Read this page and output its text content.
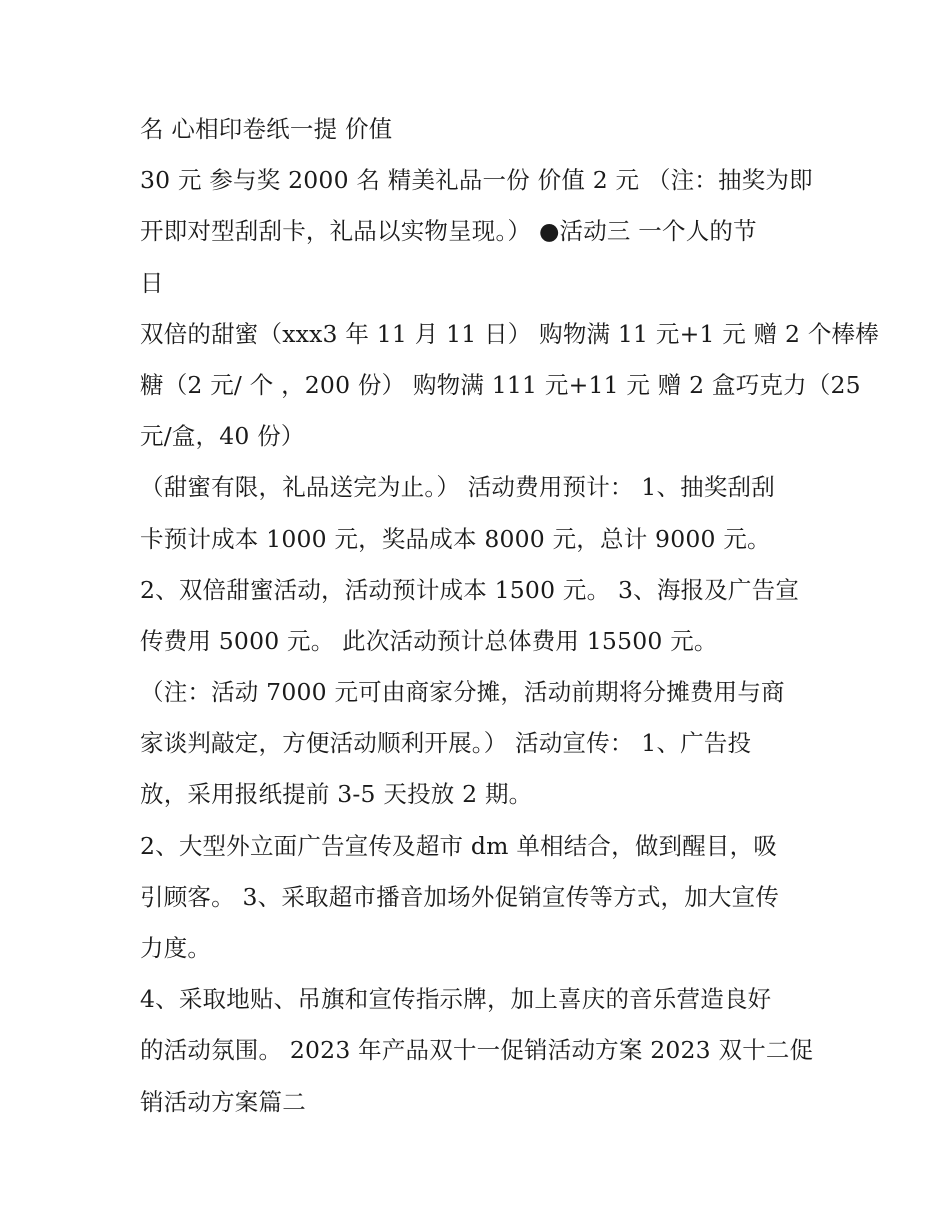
名 心相印卷纸一提 价值
30 元 参与奖 2000 名 精美礼品一份 价值 2 元 （注：抽奖为即
开即对型刮刮卡，礼品以实物呈现。） ●活动三 一个人的节
日
双倍的甜蜜（xxx3 年 11 月 11 日） 购物满 11 元+1 元 赠 2 个棒棒
糖（2 元/ 个 ，200 份） 购物满 111 元+11 元 赠 2 盒巧克力（25
元/盒，40 份）
（甜蜜有限，礼品送完为止。） 活动费用预计： 1、抽奖刮刮
卡预计成本 1000 元，奖品成本 8000 元，总计 9000 元。
2、双倍甜蜜活动，活动预计成本 1500 元。 3、海报及广告宣
传费用 5000 元。 此次活动预计总体费用 15500 元。
（注：活动 7000 元可由商家分摊，活动前期将分摊费用与商
家谈判敲定，方便活动顺利开展。） 活动宣传： 1、广告投
放，采用报纸提前 3-5 天投放 2 期。
2、大型外立面广告宣传及超市 dm 单相结合，做到醒目，吸
引顾客。 3、采取超市播音加场外促销宣传等方式，加大宣传
力度。
4、采取地贴、吊旗和宣传指示牌，加上喜庆的音乐营造良好
的活动氛围。 2023 年产品双十一促销活动方案 2023 双十二促
销活动方案篇二
